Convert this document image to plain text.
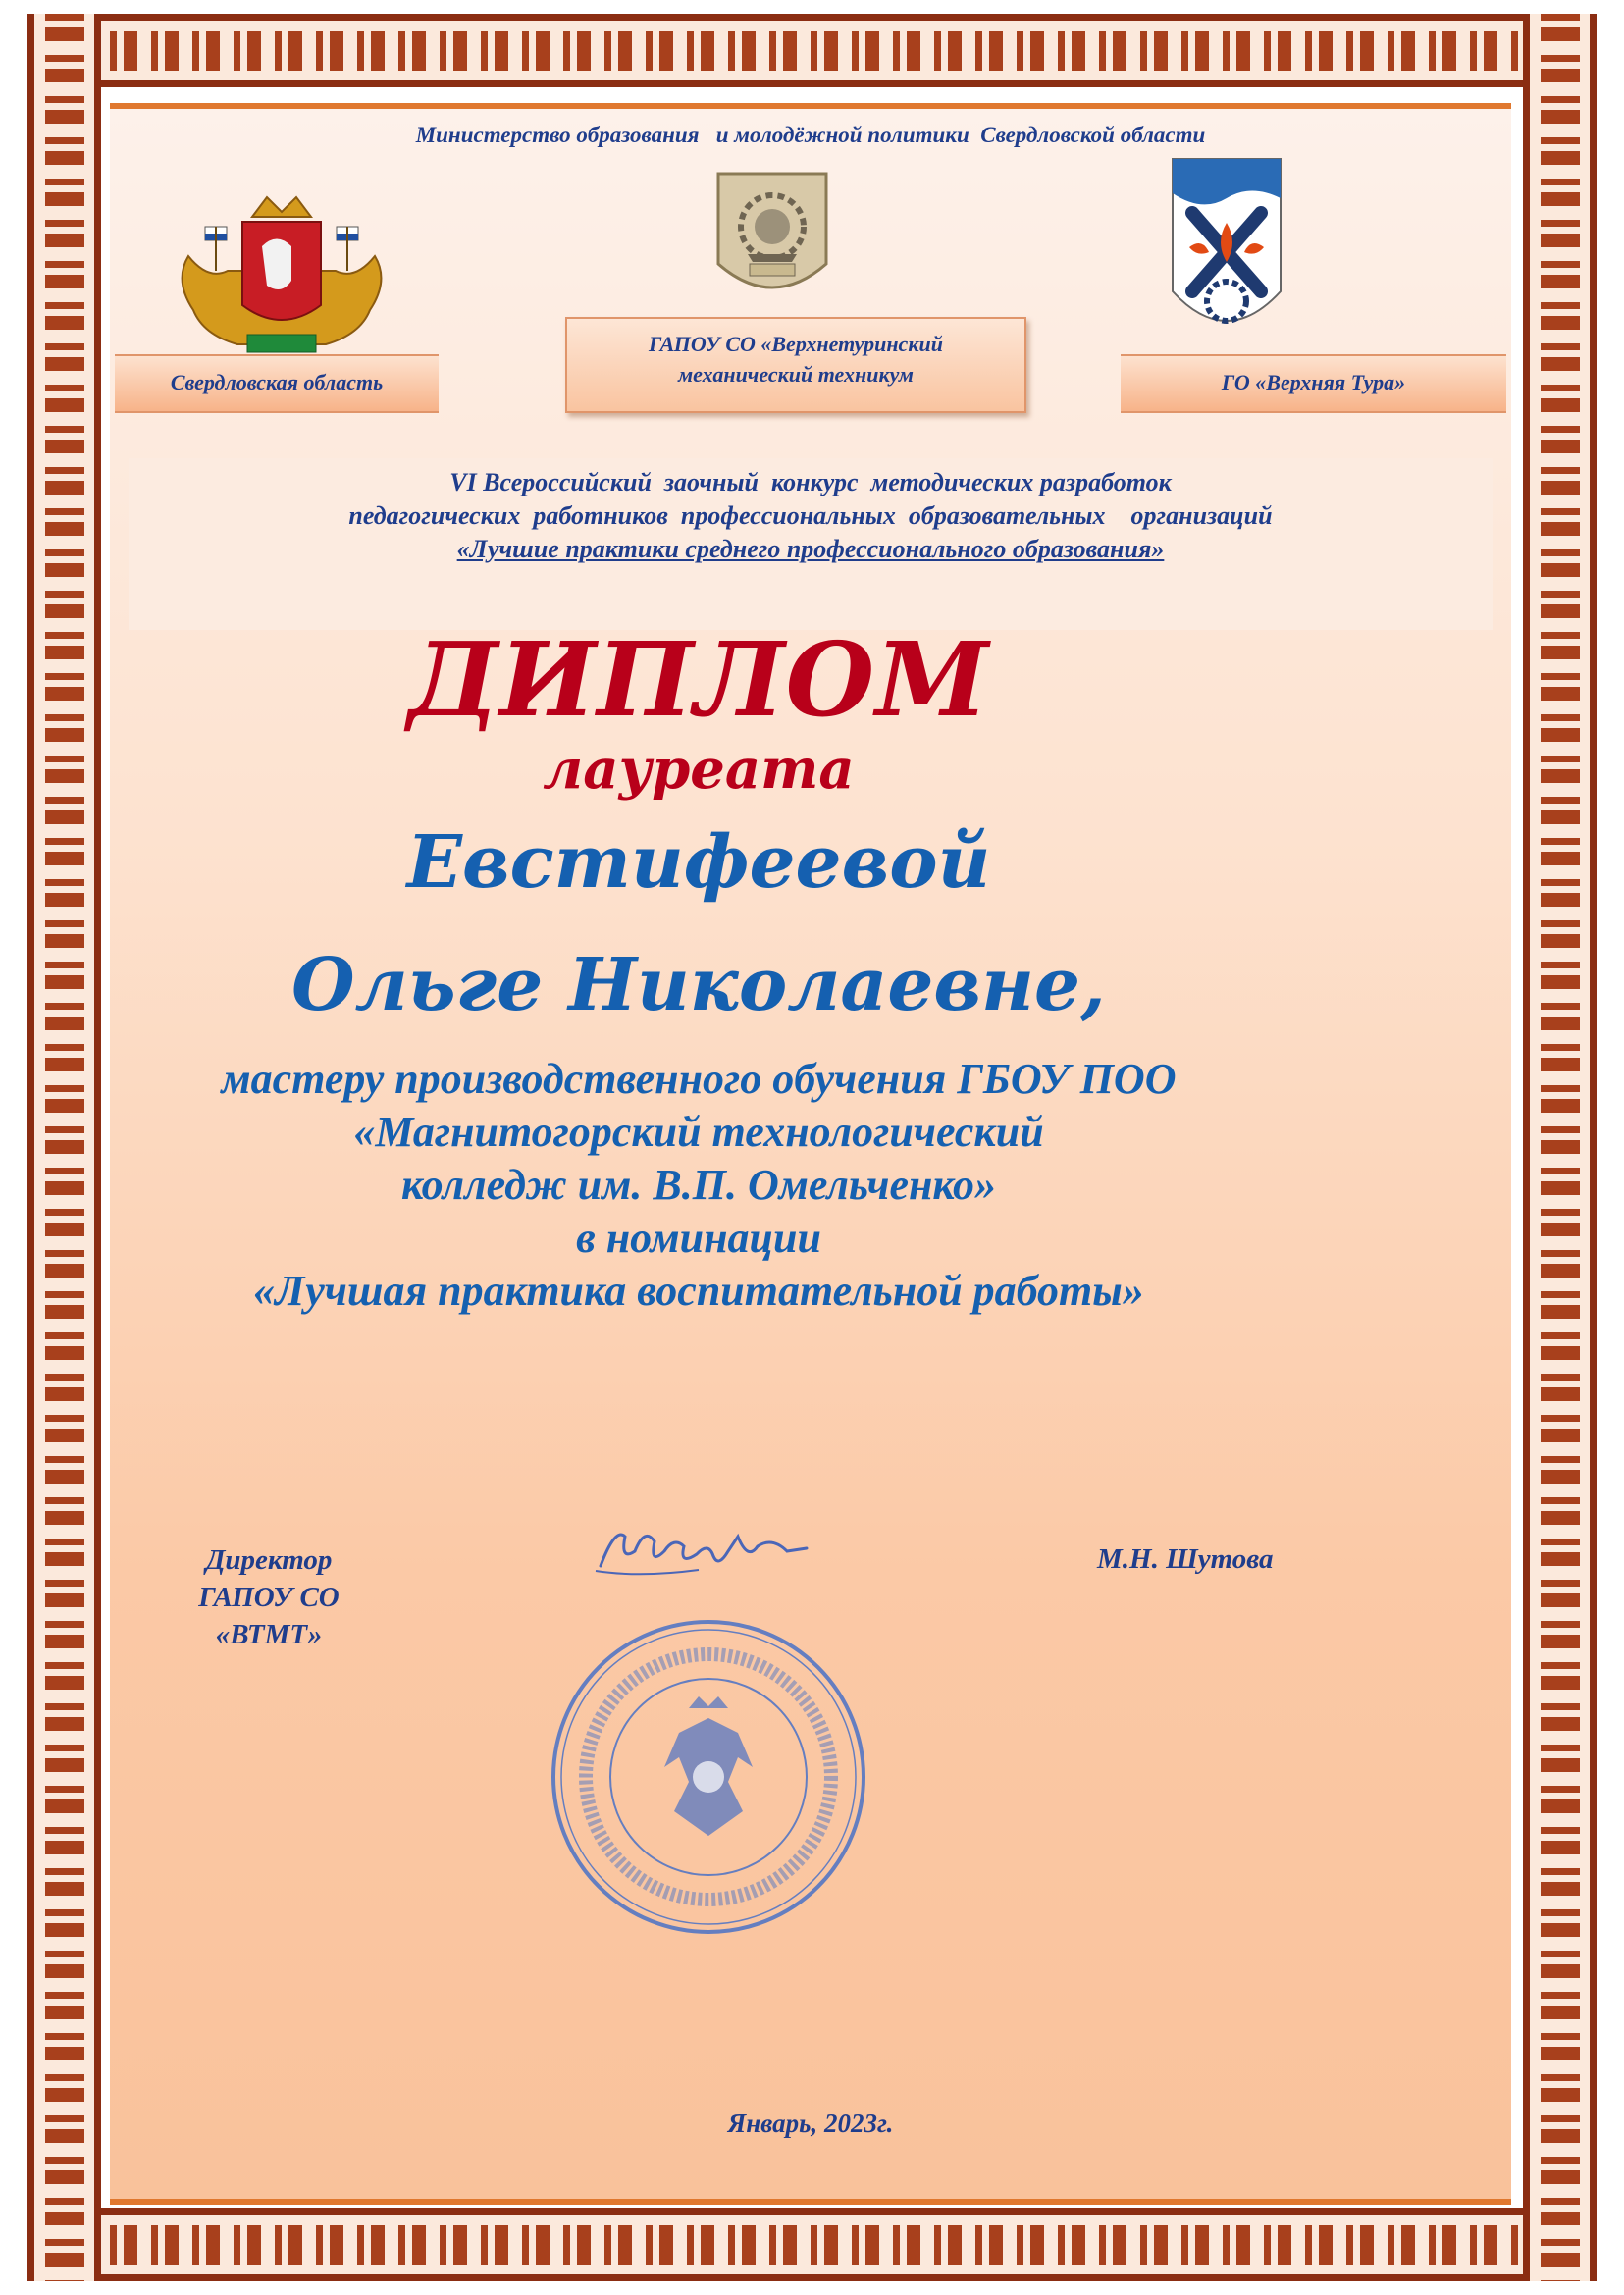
Министерство образования   и молодёжной политики  Свердловской области
Свердловская область	ГО «Верхняя Тура»
ГАПОУ СО «Верхнетуринский
механический техникум
VI Всероссийский  заочный  конкурс  методических разработок
педагогических  работников  профессиональных  образовательных    организаций
«Лучшие практики среднего профессионального образования»
ДИПЛОМ
лауреата
Евстифеевой
Ольге Николаевне,
мастеру производственного обучения ГБОУ ПОО
«Магнитогорский технологический
колледж им. В.П. Омельченко»
в номинации
«Лучшая практика воспитательной работы»
Директор
ГАПОУ СО
«ВТМТ»
М.Н. Шутова
Январь, 2023г.
